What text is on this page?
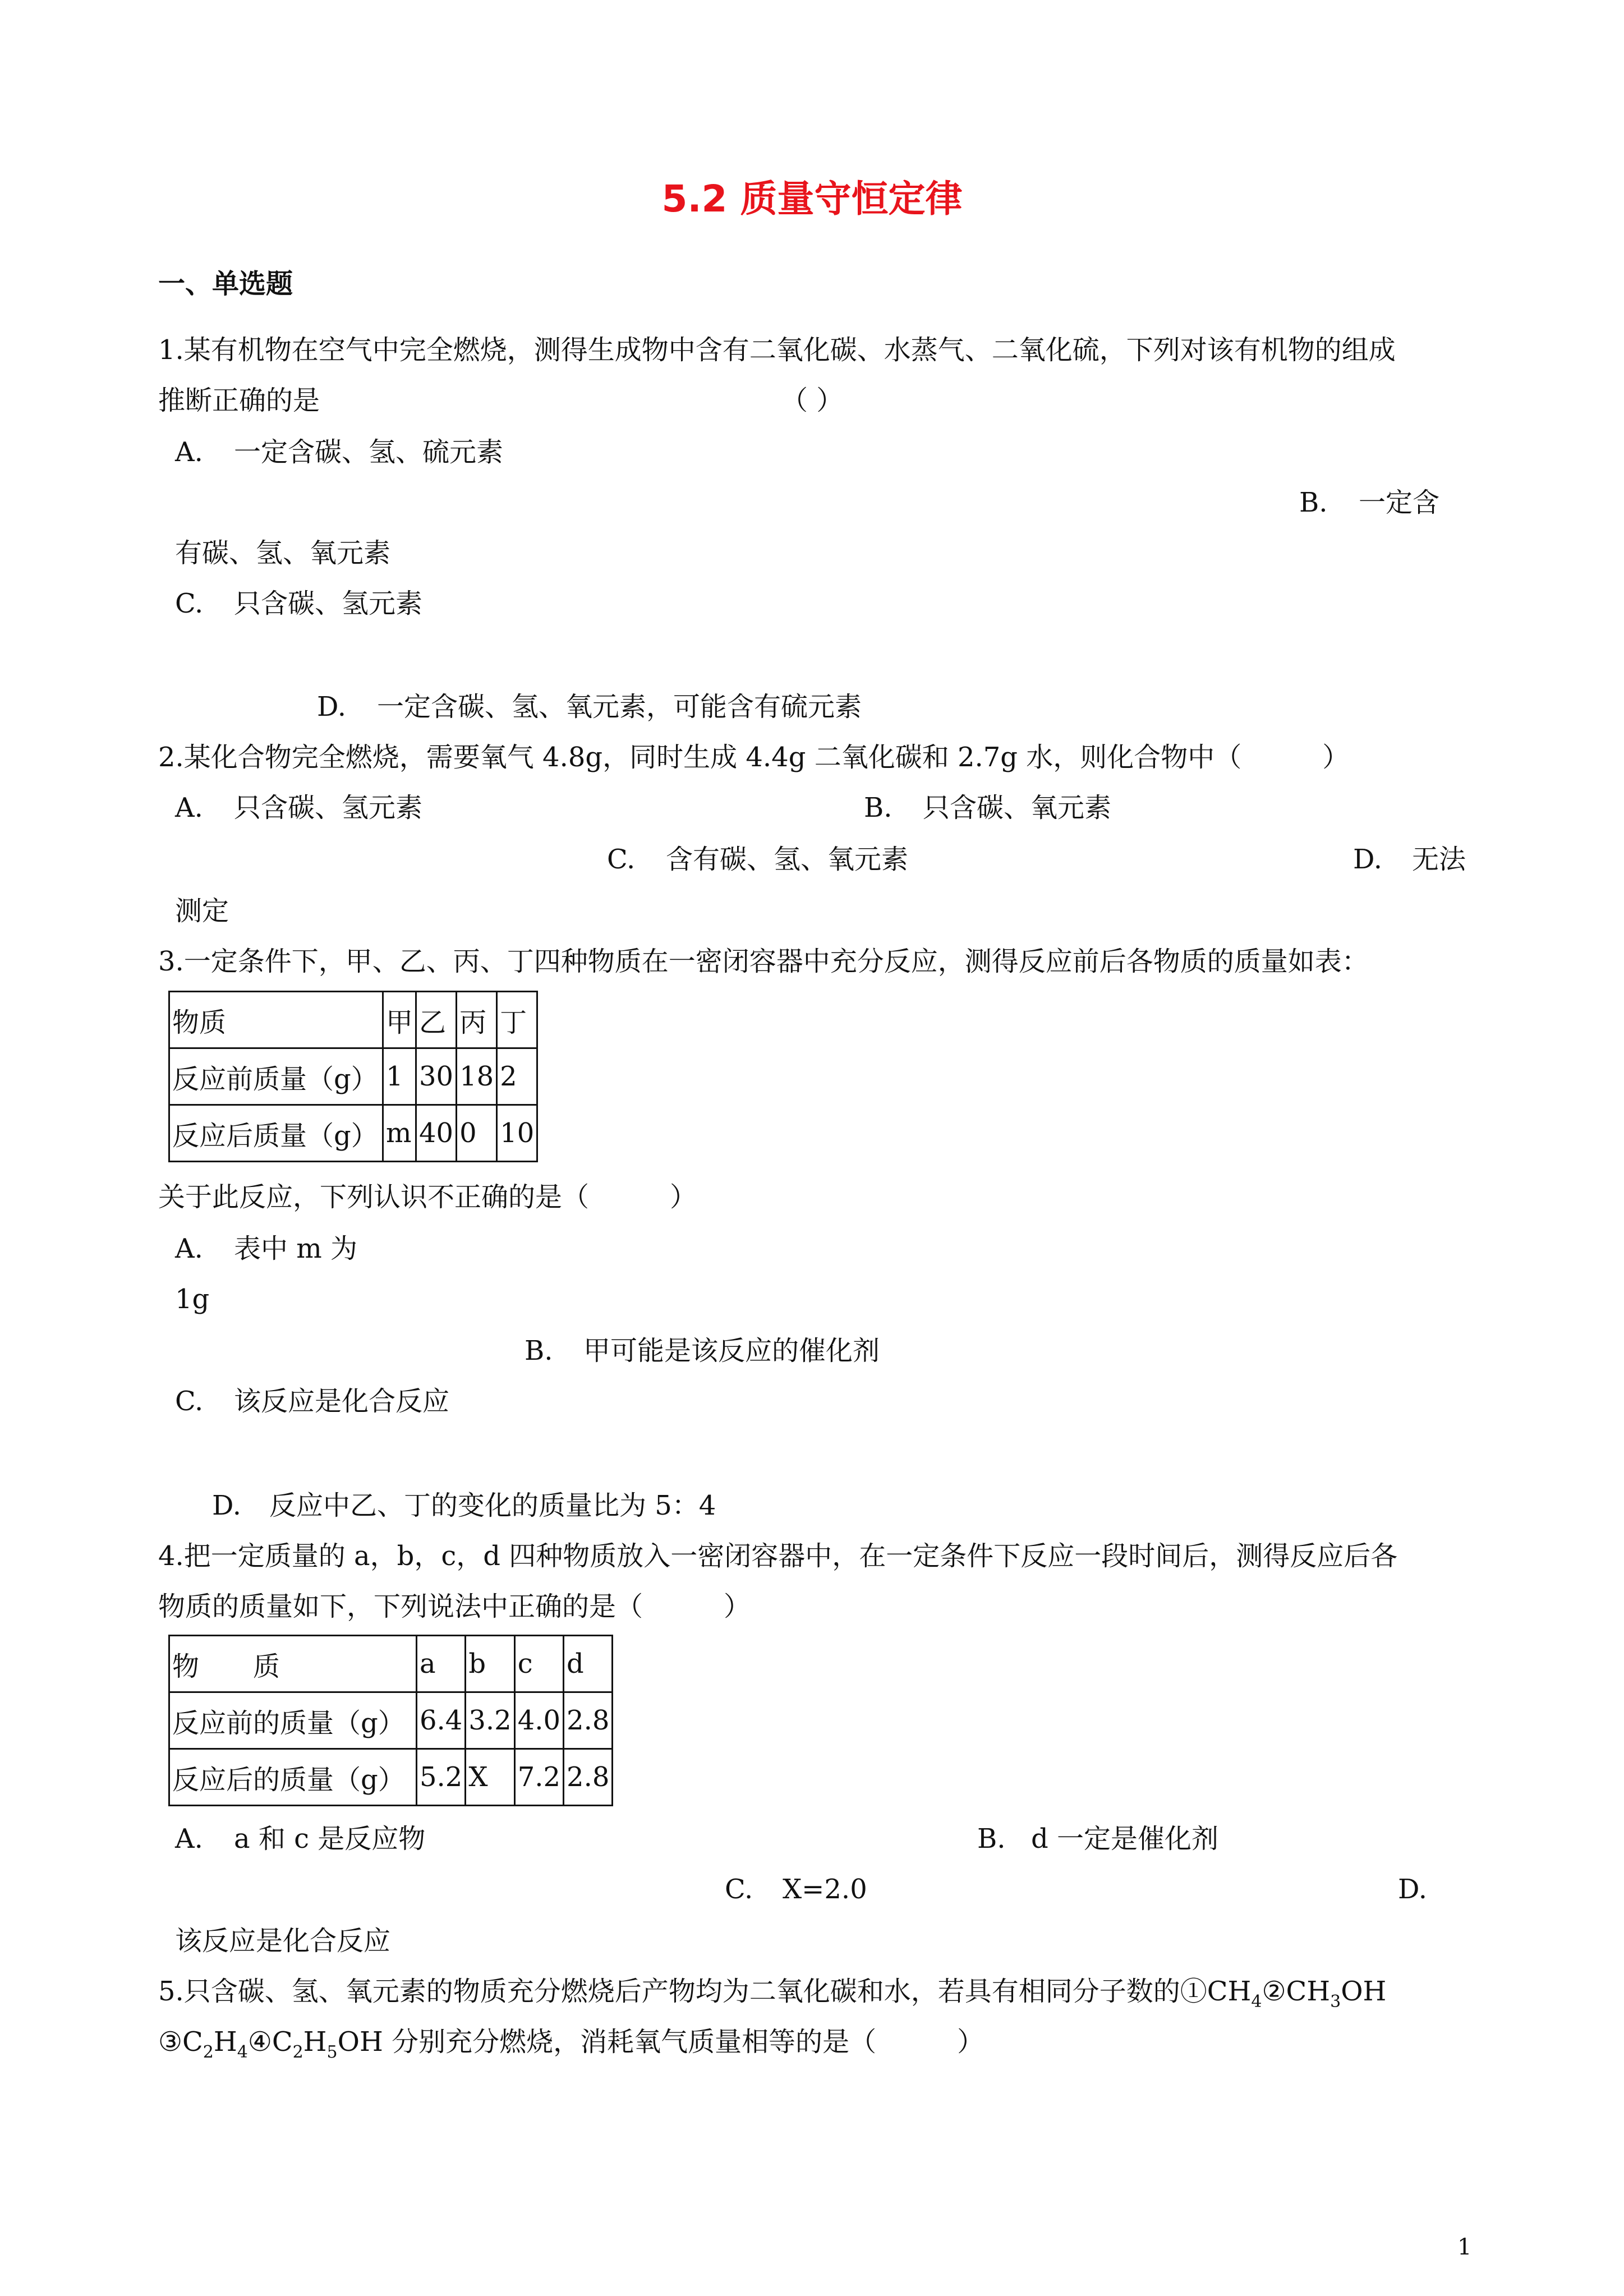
5.2 质量守恒定律
一、单选题
1.某有机物在空气中完全燃烧，测得生成物中含有二氧化碳、水蒸气、二氧化硫，下列对该有机物的组成
推断正确的是	（ ）
A. 一定含碳、氢、硫元素
B. 一定含
有碳、氢、氧元素
C. 只含碳、氢元素
D. 一定含碳、氢、氧元素，可能含有硫元素
2.某化合物完全燃烧，需要氧气 4.8g，同时生成 4.4g 二氧化碳和 2.7g 水，则化合物中（　　　）
A. 只含碳、氢元素	B. 只含碳、氧元素
C. 含有碳、氢、氧元素	D. 无法
测定
3.一定条件下，甲、乙、丙、丁四种物质在一密闭容器中充分反应，测得反应前后各物质的质量如表：
物质	甲	乙	丙	丁
反应前质量（g）	1	30	18	2
反应后质量（g）	m	40	0	10
关于此反应，下列认识不正确的是（　　　）
A. 表中 m 为
1g
B. 甲可能是该反应的催化剂
C. 该反应是化合反应
D. 反应中乙、丁的变化的质量比为 5：4
4.把一定质量的 a，b，c，d 四种物质放入一密闭容器中，在一定条件下反应一段时间后，测得反应后各
物质的质量如下，下列说法中正确的是（　　　）
物　　质	a	b	c	d
反应前的质量（g）	6.4	3.2	4.0	2.8
反应后的质量（g）	5.2	X	7.2	2.8
A. a 和 c 是反应物	B. d 一定是催化剂
C. X=2.0	D.
该反应是化合反应
5.只含碳、氢、氧元素的物质充分燃烧后产物均为二氧化碳和水，若具有相同分子数的$①CH_4②CH_3OH$
$③C_2H_4④C_2H_5OH$ 分别充分燃烧，消耗氧气质量相等的是（　　　）
1
